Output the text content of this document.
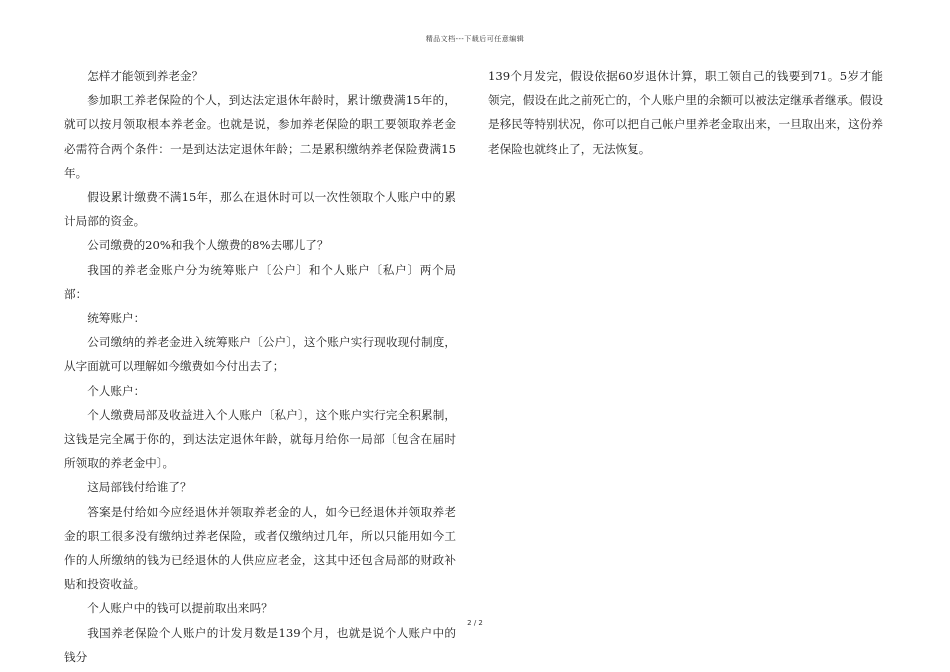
精品文档---下载后可任意编辑

怎样才能领到养老金？

参加职工养老保险的个人，到达法定退休年龄时，累计缴费满15年的，就可以按月领取根本养老金。也就是说，参加养老保险的职工要领取养老金必需符合两个条件：一是到达法定退休年龄；二是累积缴纳养老保险费满15年。

假设累计缴费不满15年，那么在退休时可以一次性领取个人账户中的累计局部的资金。

公司缴费的20%和我个人缴费的8%去哪儿了？

我国的养老金账户分为统筹账户〔公户〕和个人账户〔私户〕两个局部：

统筹账户：

公司缴纳的养老金进入统筹账户〔公户〕，这个账户实行现收现付制度，从字面就可以理解如今缴费如今付出去了；

个人账户：

个人缴费局部及收益进入个人账户〔私户〕，这个账户实行完全积累制，这钱是完全属于你的，到达法定退休年龄，就每月给你一局部〔包含在届时所领取的养老金中〕。

这局部钱付给谁了？

答案是付给如今应经退休并领取养老金的人，如今已经退休并领取养老金的职工很多没有缴纳过养老保险，或者仅缴纳过几年，所以只能用如今工作的人所缴纳的钱为已经退休的人供应应老金，这其中还包含局部的财政补贴和投资收益。

个人账户中的钱可以提前取出来吗？

我国养老保险个人账户的计发月数是139个月，也就是说个人账户中的钱分

139个月发完，假设依据60岁退休计算，职工领自己的钱要到71。5岁才能领完，假设在此之前死亡的，个人账户里的余额可以被法定继承者继承。假设是移民等特别状况，你可以把自己帐户里养老金取出来，一旦取出来，这份养老保险也就终止了，无法恢复。

2 / 2
